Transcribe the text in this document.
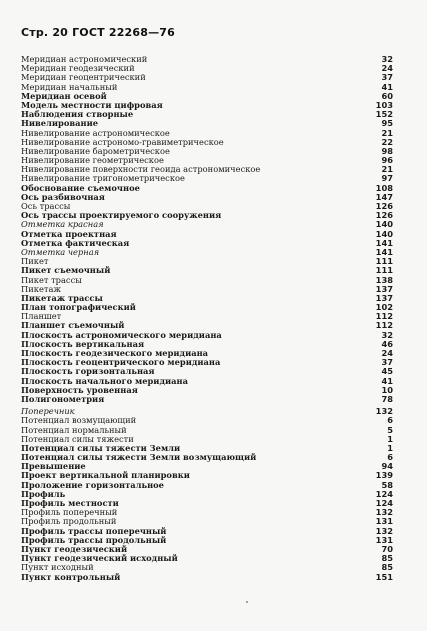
Стр. 20 ГОСТ 22268—76
Меридиан астрономический	32
Меридиан геодезический	24
Меридиан геоцентрический	37
Меридиан начальный	41
Меридиан осевой	60
Модель местности цифровая	103
Наблюдения створные	152
Нивелирование	95
Нивелирование астрономическое	21
Нивелирование астрономо-гравиметрическое	22
Нивелирование барометрическое	98
Нивелирование геометрическое	96
Нивелирование поверхности геоида астрономическое	21
Нивелирование тригонометрическое	97
Обоснование съемочное	108
Ось разбивочная	147
Ось трассы	126
Ось трассы проектируемого сооружения	126
Отметка красная	140
Отметка проектная	140
Отметка фактическая	141
Отметка черная	141
Пикет	111
Пикет съемочный	111
Пикет трассы	138
Пикетаж	137
Пикетаж трассы	137
План топографический	102
Планшет	112
Планшет съемочный	112
Плоскость астрономического меридиана	32
Плоскость вертикальная	46
Плоскость геодезического меридиана	24
Плоскость геоцентрического меридиана	37
Плоскость горизонтальная	45
Плоскость начального меридиана	41
Поверхность уровенная	10
Полигонометрия	78
Поперечник	132
Потенциал возмущающий	6
Потенциал нормальный	5
Потенциал силы тяжести	1
Потенциал силы тяжести Земли	1
Потенциал силы тяжести Земли возмущающий	6
Превышение	94
Проект вертикальной планировки	139
Проложение горизонтальное	58
Профиль	124
Профиль местности	124
Профиль поперечный	132
Профиль продольный	131
Профиль трассы поперечный	132
Профиль трассы продольный	131
Пункт геодезический	70
Пункт геодезический исходный	85
Пункт исходный	85
Пункт контрольный	151
